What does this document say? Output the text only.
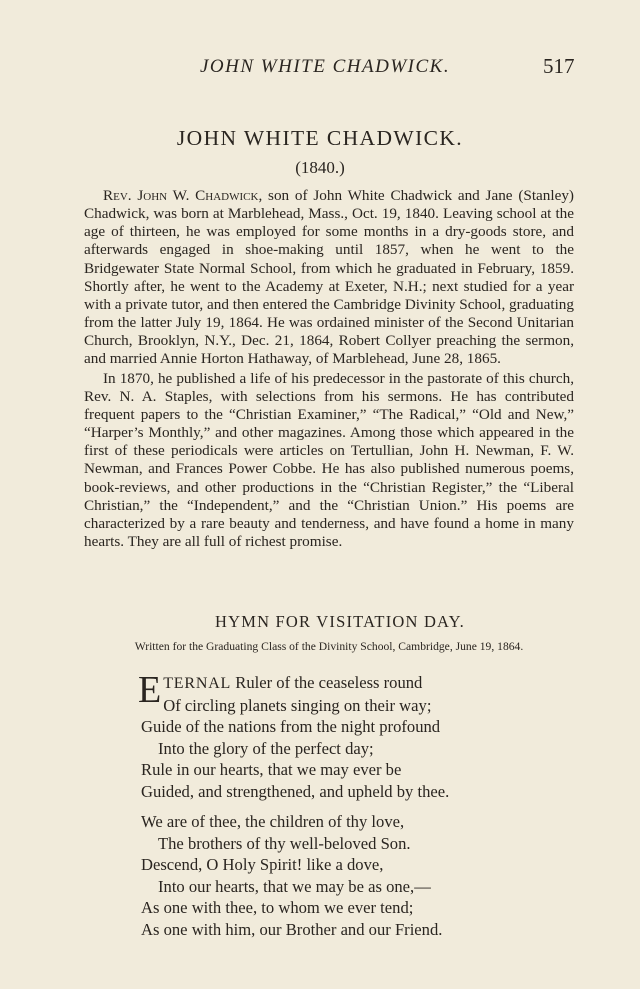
JOHN WHITE CHADWICK.	517
JOHN WHITE CHADWICK.
(1840.)

Rev. John W. Chadwick, son of John White Chadwick and Jane (Stanley) Chadwick, was born at Marblehead, Mass., Oct. 19, 1840. Leaving school at the age of thirteen, he was employed for some months in a dry-goods store, and afterwards engaged in shoe-making until 1857, when he went to the Bridgewater State Normal School, from which he graduated in February, 1859. Shortly after, he went to the Academy at Exeter, N.H.; next studied for a year with a private tutor, and then entered the Cambridge Divinity School, graduating from the latter July 19, 1864. He was ordained minister of the Second Unitarian Church, Brooklyn, N.Y., Dec. 21, 1864, Robert Collyer preaching the sermon, and married Annie Horton Hathaway, of Marblehead, June 28, 1865.

In 1870, he published a life of his predecessor in the pastorate of this church, Rev. N. A. Staples, with selections from his sermons. He has contributed frequent papers to the “Christian Examiner,” “The Radical,” “Old and New,” “Harper’s Monthly,” and other magazines. Among those which appeared in the first of these periodicals were articles on Tertullian, John H. Newman, F. W. Newman, and Frances Power Cobbe. He has also published numerous poems, book-reviews, and other productions in the “Christian Register,” the “Liberal Christian,” the “Independent,” and the “Christian Union.” His poems are characterized by a rare beauty and tenderness, and have found a home in many hearts. They are all full of richest promise.

HYMN FOR VISITATION DAY.
Written for the Graduating Class of the Divinity School, Cambridge, June 19, 1864.
ETERNAL Ruler of the ceaseless round
Of circling planets singing on their way;
Guide of the nations from the night profound
Into the glory of the perfect day;
Rule in our hearts, that we may ever be
Guided, and strengthened, and upheld by thee.
We are of thee, the children of thy love,
The brothers of thy well-beloved Son.
Descend, O Holy Spirit! like a dove,
Into our hearts, that we may be as one,—
As one with thee, to whom we ever tend;
As one with him, our Brother and our Friend.
